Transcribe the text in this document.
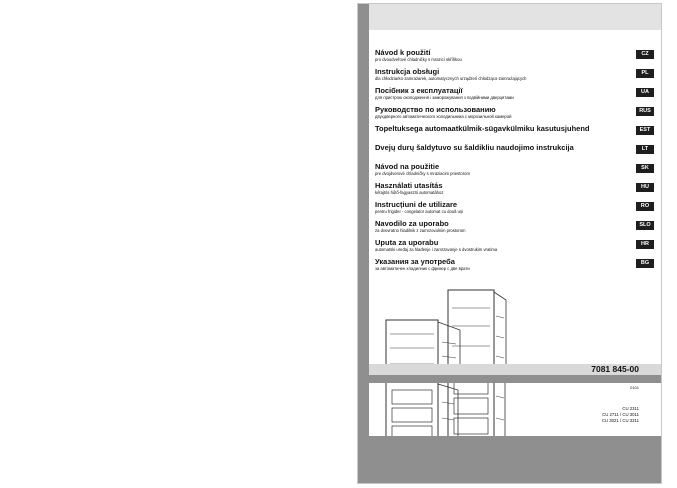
Návod k použití
pro dvoudveřové chladničky s mrazicí skříňkou
CZ
Instrukcja obsługi
dla chłodziarko-zamrażarek, automatycznych urządzeń chłodząco-zamrażających
PL
Посібник з експлуатації
для пристрою охолодження і заморожування з подвійними дверцятами
UA
Руководство по использованию
двухдверного автоматического холодильника с морозильной камерой
RUS
Topeltuksega automaatkülmik-sügavkülmiku kasutusjuhend	EST
Dvejų durų šaldytuvo su šaldikliu naudojimo instrukcija	LT
Návod na použitie
pre dvojdverové chladničky s mraziacim priestorom
SK
Használati utasítás
kétajtós hűtő-fagyasztó automatához
HU
Instrucțiuni de utilizare
pentru frigider - congelator automat cu două uși
RO
Navodilo za uporabo
za dvovratno hladilnik z zamrzovalnim prostorom
SLO
Uputa za uporabu
automatski uređaj za hlađenje i zamrzavanje s dvostrukim vratima
HR
Указания за употреба
за автоматичен хладилник с фризер с две врати
BG
7081 845-00
0101
CU 2311
CU 2711 / CU 3011
CU 3021 / CU 3311
